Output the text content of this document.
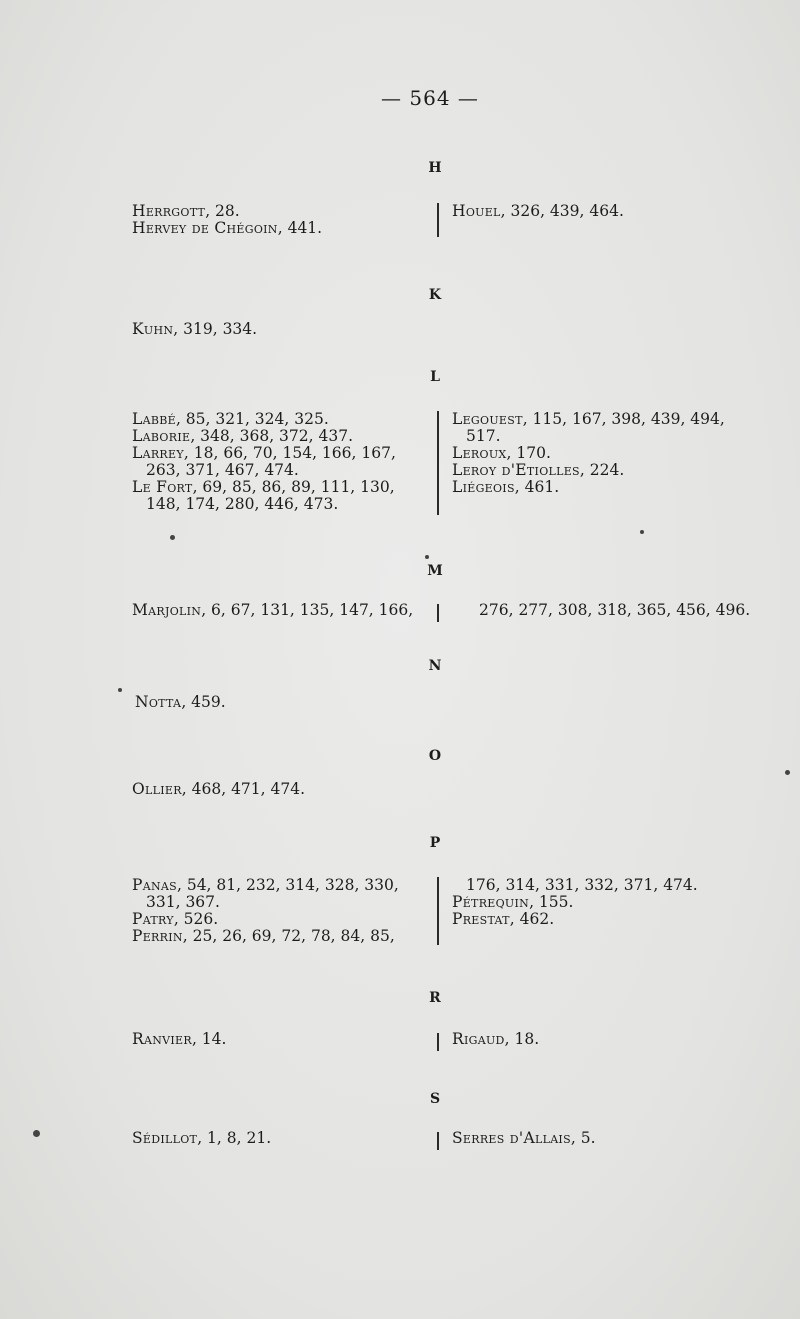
— 564 —
H
Herrgott, 28.
Hervey de Chégoin, 441.
Houel, 326, 439, 464.
K
Kuhn, 319, 334.
L
Labbé, 85, 321, 324, 325.
Laborie, 348, 368, 372, 437.
Larrey, 18, 66, 70, 154, 166, 167,
263, 371, 467, 474.
Le Fort, 69, 85, 86, 89, 111, 130,
148, 174, 280, 446, 473.
Legouest, 115, 167, 398, 439, 494,
517.
Leroux, 170.
Leroy d'Etiolles, 224.
Liégeois, 461.
M
Marjolin, 6, 67, 131, 135, 147, 166,	276, 277, 308, 318, 365, 456, 496.
N
Notta, 459.
O
Ollier, 468, 471, 474.
P
Panas, 54, 81, 232, 314, 328, 330,
331, 367.
Patry, 526.
Perrin, 25, 26, 69, 72, 78, 84, 85,
176, 314, 331, 332, 371, 474.
Pétrequin, 155.
Prestat, 462.
R
Ranvier, 14.	Rigaud, 18.
S
Sédillot, 1, 8, 21.	Serres d'Allais, 5.
